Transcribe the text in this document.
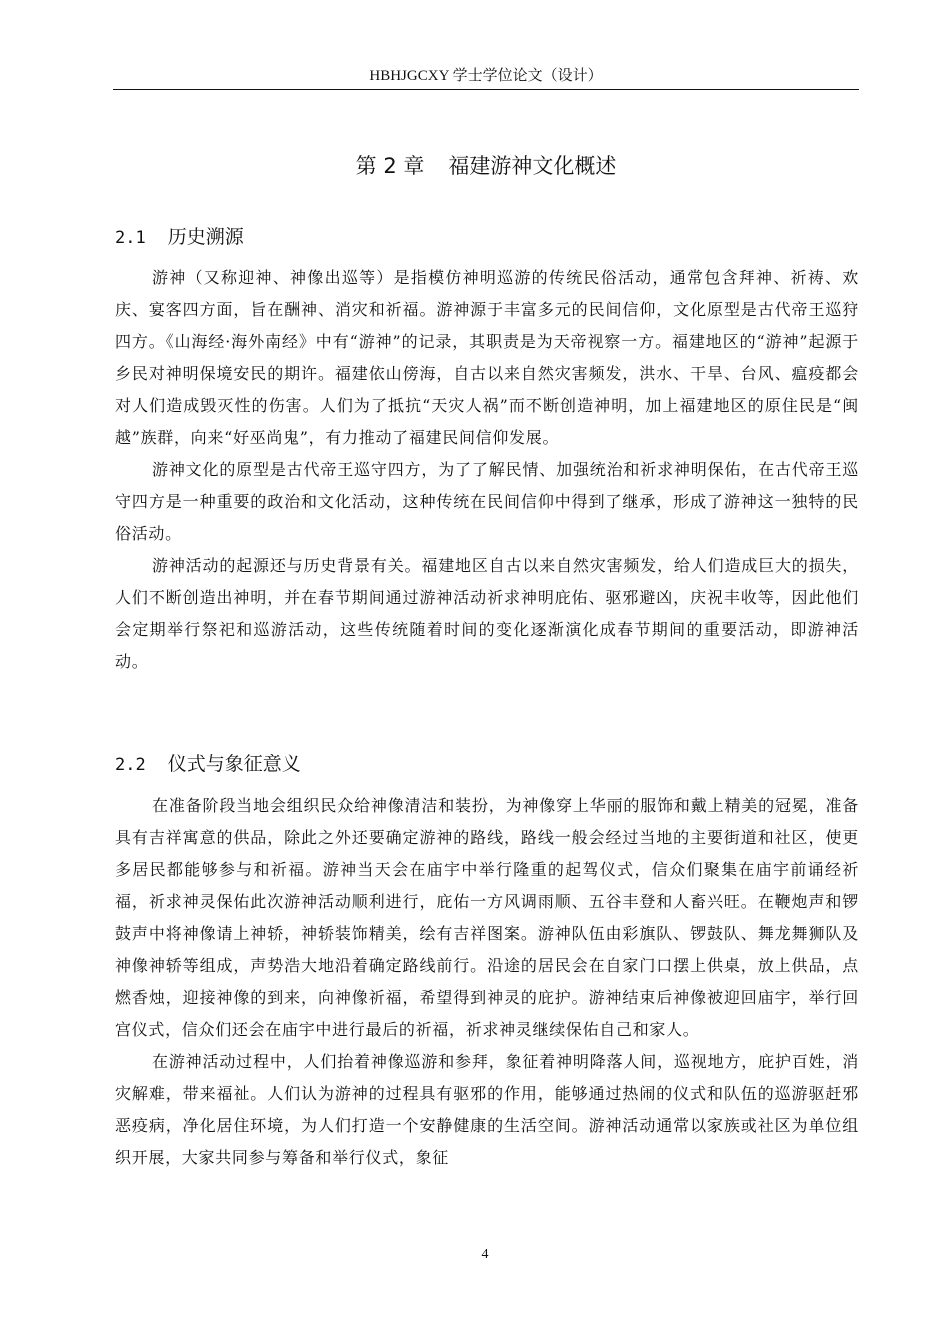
HBHJGCXY 学士学位论文（设计）
第 2 章 福建游神文化概述
2.1 历史溯源

游神（又称迎神、神像出巡等）是指模仿神明巡游的传统民俗活动，通常包含拜神、祈祷、欢庆、宴客四方面，旨在酬神、消灾和祈福。游神源于丰富多元的民间信仰，文化原型是古代帝王巡狩四方。《山海经·海外南经》中有“游神”的记录，其职责是为天帝视察一方。福建地区的“游神”起源于乡民对神明保境安民的期许。福建依山傍海，自古以来自然灾害频发，洪水、干旱、台风、瘟疫都会对人们造成毁灭性的伤害。人们为了抵抗“天灾人祸”而不断创造神明，加上福建地区的原住民是“闽越”族群，向来“好巫尚鬼”，有力推动了福建民间信仰发展。

游神文化的原型是古代帝王巡守四方，为了了解民情、加强统治和祈求神明保佑，在古代帝王巡守四方是一种重要的政治和文化活动，这种传统在民间信仰中得到了继承，形成了游神这一独特的民俗活动。

游神活动的起源还与历史背景有关。福建地区自古以来自然灾害频发，给人们造成巨大的损失，人们不断创造出神明，并在春节期间通过游神活动祈求神明庇佑、驱邪避凶，庆祝丰收等，因此他们会定期举行祭祀和巡游活动，这些传统随着时间的变化逐渐演化成春节期间的重要活动，即游神活动。

2.2 仪式与象征意义

在准备阶段当地会组织民众给神像清洁和装扮，为神像穿上华丽的服饰和戴上精美的冠冕，准备具有吉祥寓意的供品，除此之外还要确定游神的路线，路线一般会经过当地的主要街道和社区，使更多居民都能够参与和祈福。游神当天会在庙宇中举行隆重的起驾仪式，信众们聚集在庙宇前诵经祈福，祈求神灵保佑此次游神活动顺利进行，庇佑一方风调雨顺、五谷丰登和人畜兴旺。在鞭炮声和锣鼓声中将神像请上神轿，神轿装饰精美，绘有吉祥图案。游神队伍由彩旗队、锣鼓队、舞龙舞狮队及神像神轿等组成，声势浩大地沿着确定路线前行。沿途的居民会在自家门口摆上供桌，放上供品，点燃香烛，迎接神像的到来，向神像祈福，希望得到神灵的庇护。游神结束后神像被迎回庙宇，举行回宫仪式，信众们还会在庙宇中进行最后的祈福，祈求神灵继续保佑自己和家人。

在游神活动过程中，人们抬着神像巡游和参拜，象征着神明降落人间，巡视地方，庇护百姓，消灾解难，带来福祉。人们认为游神的过程具有驱邪的作用，能够通过热闹的仪式和队伍的巡游驱赶邪恶疫病，净化居住环境，为人们打造一个安静健康的生活空间。游神活动通常以家族或社区为单位组织开展，大家共同参与筹备和举行仪式，象征

4
